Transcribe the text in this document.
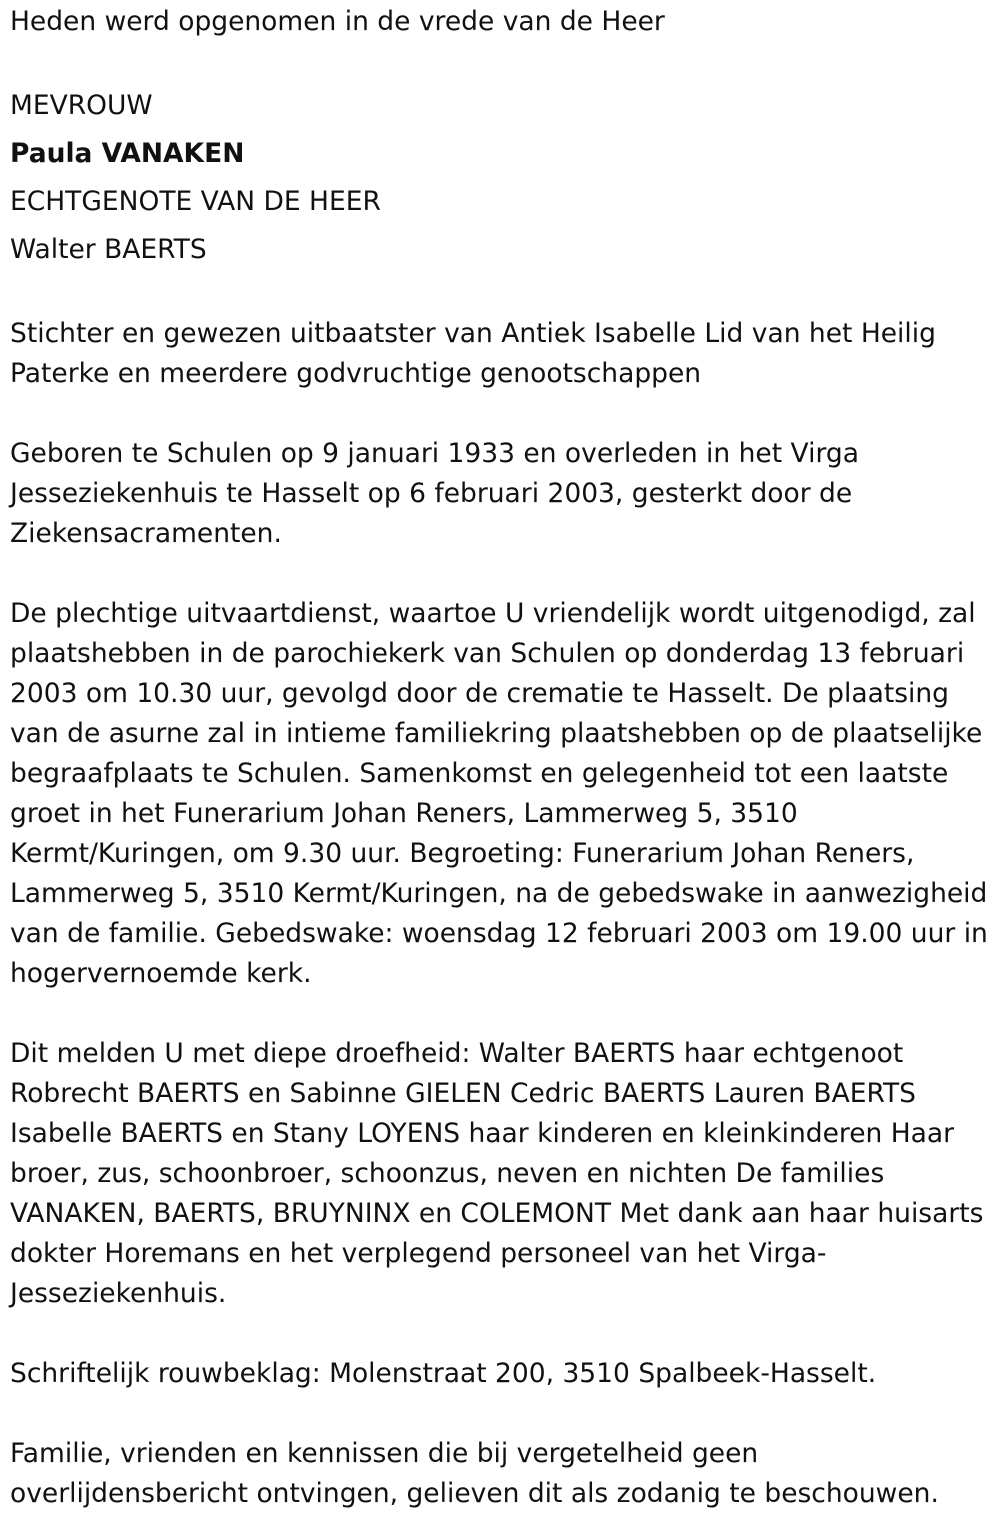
Heden werd opgenomen in de vrede van de Heer

MEVROUW
Paula VANAKEN
ECHTGENOTE VAN DE HEER
Walter BAERTS

Stichter en gewezen uitbaatster van Antiek Isabelle Lid van het Heilig Paterke en meerdere godvruchtige genootschappen

Geboren te Schulen op 9 januari 1933 en overleden in het Virga Jesseziekenhuis te Hasselt op 6 februari 2003, gesterkt door de Ziekensacramenten.

De plechtige uitvaartdienst, waartoe U vriendelijk wordt uitgenodigd, zal plaatshebben in de parochiekerk van Schulen op donderdag 13 februari 2003 om 10.30 uur, gevolgd door de crematie te Hasselt. De plaatsing van de asurne zal in intieme familiekring plaatshebben op de plaatselijke begraafplaats te Schulen. Samenkomst en gelegenheid tot een laatste groet in het Funerarium Johan Reners, Lammerweg 5, 3510 Kermt/Kuringen, om 9.30 uur. Begroeting: Funerarium Johan Reners, Lammerweg 5, 3510 Kermt/Kuringen, na de gebedswake in aanwezigheid van de familie. Gebedswake: woensdag 12 februari 2003 om 19.00 uur in hogervernoemde kerk.

Dit melden U met diepe droefheid: Walter BAERTS haar echtgenoot Robrecht BAERTS en Sabinne GIELEN Cedric BAERTS Lauren BAERTS Isabelle BAERTS en Stany LOYENS haar kinderen en kleinkinderen Haar broer, zus, schoonbroer, schoonzus, neven en nichten De families VANAKEN, BAERTS, BRUYNINX en COLEMONT Met dank aan haar huisarts dokter Horemans en het verplegend personeel van het Virga-Jesseziekenhuis.

Schriftelijk rouwbeklag: Molenstraat 200, 3510 Spalbeek-Hasselt.

Familie, vrienden en kennissen die bij vergetelheid geen overlijdensbericht ontvingen, gelieven dit als zodanig te beschouwen.
